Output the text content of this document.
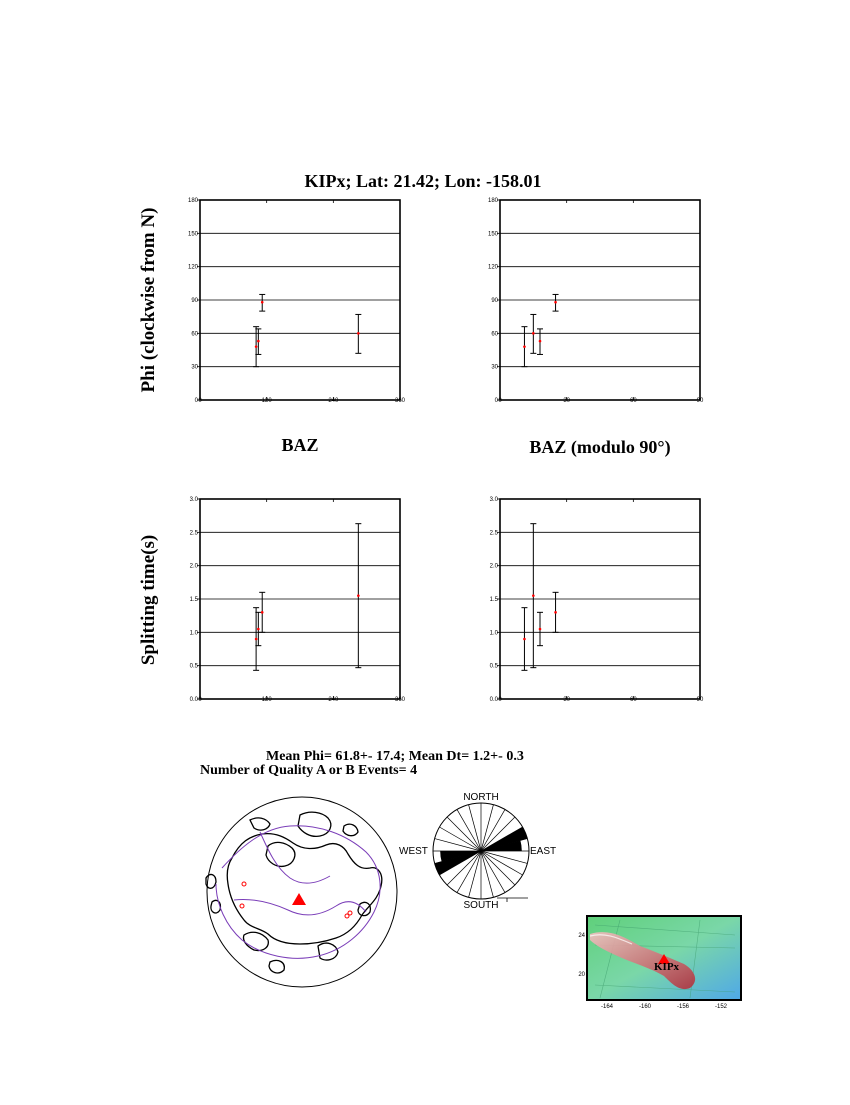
KIPx; Lat: 21.42; Lon: -158.01
Phi (clockwise from N)
Splitting time(s)
BAZ	BAZ (modulo 90°)
0
30
60
90
120
150
180
0	120	240	360	0
30
60
90
120
150
180
0	30	60	90
0.0
0.5
1.0
1.5
2.0
2.5
3.0
0	120	240	360	0.0
0.5
1.0
1.5
2.0
2.5
3.0
0	30	60	90
Mean Phi= 61.8+- 17.4; Mean Dt= 1.2+- 0.3
Number of Quality A or B Events= 4
NORTH
SOUTH
EAST
WEST
KIPx
24
20
-164	-160	-156	-152
